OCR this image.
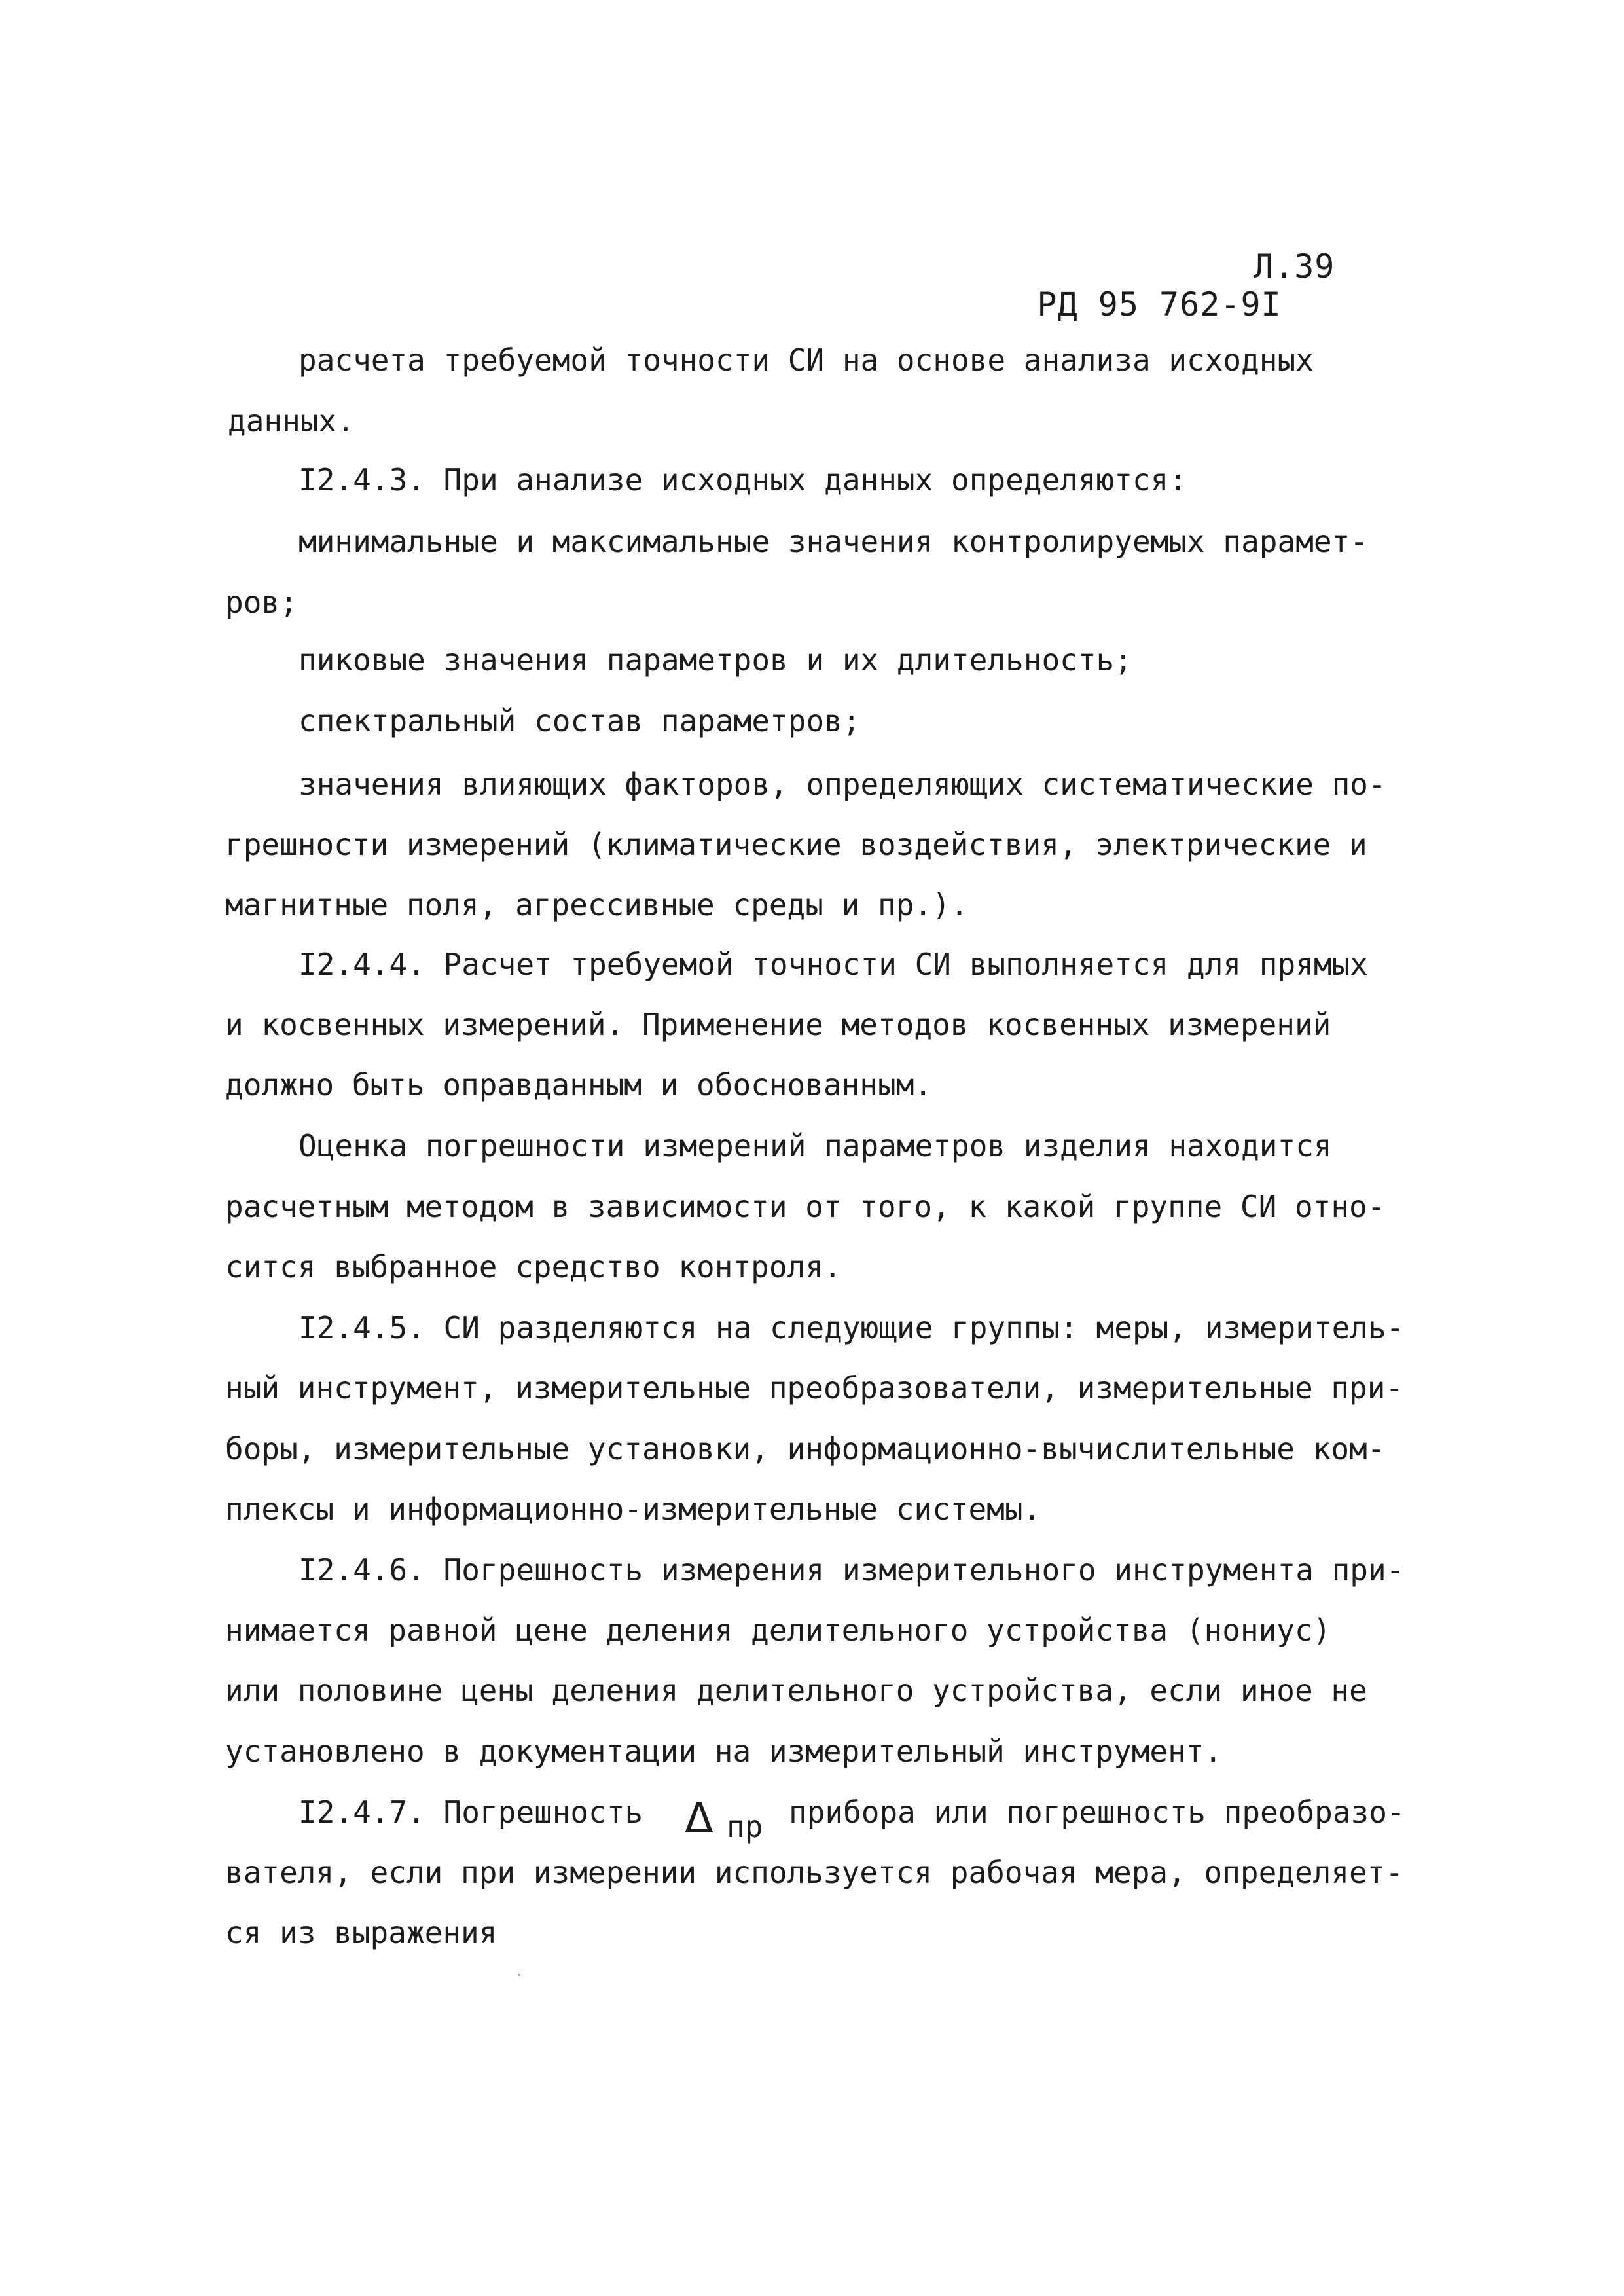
РД 95 762-9I

Л.39

расчета требуемой точности СИ на основе анализа исходных
данных.
I2.4.3. При анализе исходных данных определяются:
минимальные и максимальные значения контролируемых парамет-
ров;
пиковые значения параметров и их длительность;
спектральный состав параметров;
значения влияющих факторов, определяющих систематические по-
грешности измерений (климатические воздействия, электрические и
магнитные поля, агрессивные среды и пр.).
I2.4.4. Расчет требуемой точности СИ выполняется для прямых
и косвенных измерений. Применение методов косвенных измерений
должно быть оправданным и обоснованным.
Оценка погрешности измерений параметров изделия находится
расчетным методом в зависимости от того, к какой группе СИ отно-
сится выбранное средство контроля.
I2.4.5. СИ разделяются на следующие группы: меры, измеритель-
ный инструмент, измерительные преобразователи, измерительные при-
боры, измерительные установки, информационно-вычислительные ком-
плексы и информационно-измерительные системы.
I2.4.6. Погрешность измерения измерительного инструмента при-
нимается равной цене деления делительного устройства (нониус)
или половине цены деления делительного устройства, если иное не
установлено в документации на измерительный инструмент.
I2.4.7. Погрешность Δ пр прибора или погрешность преобразо-
вателя, если при измерении используется рабочая мера, определяет-
ся из выражения
